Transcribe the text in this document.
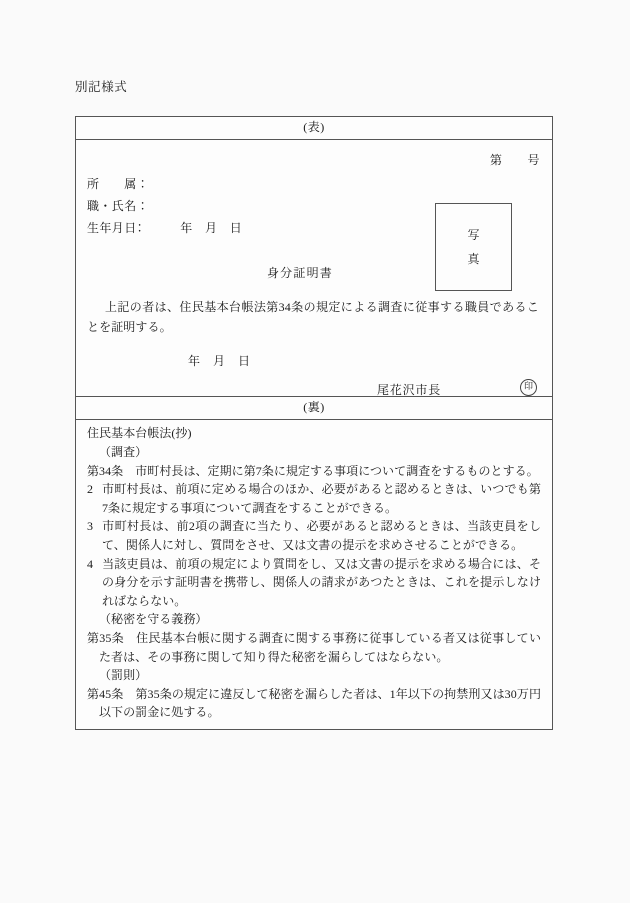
別記様式
(表)
第　　号
所　　属：
職・氏名：
生年月日：　　　年　月　日	写
真
身分証明書
上記の者は、住民基本台帳法第34条の規定による調査に従事する職員であることを証明する。
年　月　日
尾花沢市長	印
(裏)

住民基本台帳法(抄)

（調査）

第34条　市町村長は、定期に第7条に規定する事項について調査をするものとする。

2 市町村長は、前項に定める場合のほか、必要があると認めるときは、いつでも第7条に規定する事項について調査をすることができる。

3 市町村長は、前2項の調査に当たり、必要があると認めるときは、当該吏員をして、関係人に対し、質問をさせ、又は文書の提示を求めさせることができる。

4 当該吏員は、前項の規定により質問をし、又は文書の提示を求める場合には、その身分を示す証明書を携帯し、関係人の請求があつたときは、これを提示しなければならない。

（秘密を守る義務）

第35条　住民基本台帳に関する調査に関する事務に従事している者又は従事していた者は、その事務に関して知り得た秘密を漏らしてはならない。

（罰則）

第45条　第35条の規定に違反して秘密を漏らした者は、1年以下の拘禁刑又は30万円以下の罰金に処する。
